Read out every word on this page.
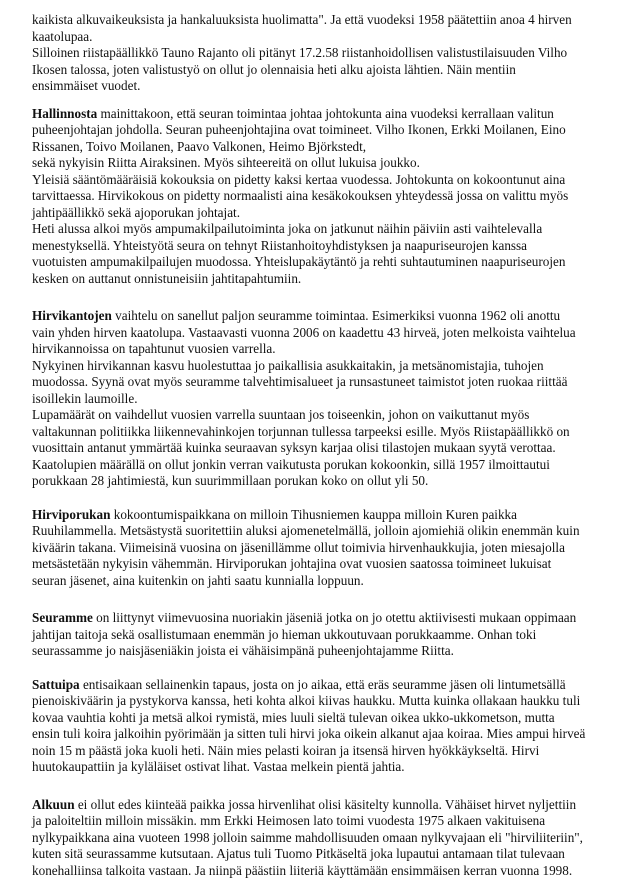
kaikista alkuvaikeuksista ja hankaluuksista huolimatta". Ja että vuodeksi 1958 päätettiin anoa 4 hirven
kaatolupaa.
Silloinen riistapäällikkö Tauno Rajanto oli pitänyt 17.2.58 riistanhoidollisen valistustilaisuuden Vilho
Ikosen talossa, joten valistustyö on ollut jo olennaisia heti alku ajoista lähtien. Näin mentiin
ensimmäiset vuodet.

Hallinnosta mainittakoon, että seuran toimintaa johtaa johtokunta aina vuodeksi kerrallaan valitun
puheenjohtajan johdolla. Seuran puheenjohtajina ovat toimineet. Vilho Ikonen, Erkki Moilanen, Eino
Rissanen, Toivo Moilanen, Paavo Valkonen, Heimo Björkstedt,
sekä nykyisin Riitta Airaksinen. Myös sihteereitä on ollut lukuisa joukko.
Yleisiä sääntömääräisiä kokouksia on pidetty kaksi kertaa vuodessa. Johtokunta on kokoontunut aina
tarvittaessa. Hirvikokous on pidetty normaalisti aina kesäkokouksen yhteydessä jossa on valittu myös
jahtipäällikkö sekä ajoporukan johtajat.
Heti alussa alkoi myös ampumakilpailutoiminta joka on jatkunut näihin päiviin asti vaihtelevalla
menestyksellä. Yhteistyötä seura on tehnyt Riistanhoitoyhdistyksen ja naapuriseurojen kanssa
vuotuisten ampumakilpailujen muodossa. Yhteislupakäytäntö ja rehti suhtautuminen naapuriseurojen
kesken on auttanut onnistuneisiin jahtitapahtumiin.

Hirvikantojen vaihtelu on sanellut paljon seuramme toimintaa. Esimerkiksi vuonna 1962 oli anottu
vain yhden hirven kaatolupa. Vastaavasti vuonna 2006 on kaadettu 43 hirveä, joten melkoista vaihtelua
hirvikannoissa on tapahtunut vuosien varrella.
Nykyinen hirvikannan kasvu huolestuttaa jo paikallisia asukkaitakin, ja metsänomistajia, tuhojen
muodossa. Syynä ovat myös seuramme talvehtimisalueet ja runsastuneet taimistot joten ruokaa riittää
isoillekin laumoille.
Lupamäärät on vaihdellut vuosien varrella suuntaan jos toiseenkin, johon on vaikuttanut myös
valtakunnan politiikka liikennevahinkojen torjunnan tullessa tarpeeksi esille. Myös Riistapäällikkö on
vuosittain antanut ymmärtää kuinka seuraavan syksyn karjaa olisi tilastojen mukaan syytä verottaa.
Kaatolupien määrällä on ollut jonkin verran vaikutusta porukan kokoonkin, sillä 1957 ilmoittautui
porukkaan 28 jahtimiestä, kun suurimmillaan porukan koko on ollut yli 50.

Hirviporukan kokoontumispaikkana on milloin Tihusniemen kauppa milloin Kuren paikka
Ruuhilammella. Metsästystä suoritettiin aluksi ajomenetelmällä, jolloin ajomiehiä olikin enemmän kuin
kiväärin takana. Viimeisinä vuosina on jäsenillämme ollut toimivia hirvenhaukkujia, joten miesajolla
metsästetään nykyisin vähemmän. Hirviporukan johtajina ovat vuosien saatossa toimineet lukuisat
seuran jäsenet, aina kuitenkin on jahti saatu kunnialla loppuun.

Seuramme on liittynyt viimevuosina nuoriakin jäseniä jotka on jo otettu aktiivisesti mukaan oppimaan
jahtijan taitoja sekä osallistumaan enemmän jo hieman ukkoutuvaan porukkaamme. Onhan toki
seurassamme jo naisjäseniäkin joista ei vähäisimpänä puheenjohtajamme Riitta.

Sattuipa entisaikaan sellainenkin tapaus, josta on jo aikaa, että eräs seuramme jäsen oli lintumetsällä
pienoiskiväärin ja pystykorva kanssa, heti kohta alkoi kiivas haukku. Mutta kuinka ollakaan haukku tuli
kovaa vauhtia kohti ja metsä alkoi rymistä, mies luuli sieltä tulevan oikea ukko-ukkometson, mutta
ensin tuli koira jalkoihin pyörimään ja sitten tuli hirvi joka oikein alkanut ajaa koiraa. Mies ampui hirveä
noin 15 m päästä joka kuoli heti. Näin mies pelasti koiran ja itsensä hirven hyökkäykseltä. Hirvi
huutokaupattiin ja kyläläiset ostivat lihat. Vastaa melkein pientä jahtia.

Alkuun ei ollut edes kiinteää paikka jossa hirvenlihat olisi käsitelty kunnolla. Vähäiset hirvet nyljettiin
ja paloiteltiin milloin missäkin. mm Erkki Heimosen lato toimi vuodesta 1975 alkaen vakituisena
nylkypaikkana aina vuoteen 1998 jolloin saimme mahdollisuuden omaan nylkyvajaan eli "hirviliiteriin",
kuten sitä seurassamme kutsutaan. Ajatus tuli Tuomo Pitkäseltä joka lupautui antamaan tilat tulevaan
konehalliinsa talkoita vastaan. Ja niinpä päästiin liiteriä käyttämään ensimmäisen kerran vuonna 1998.
